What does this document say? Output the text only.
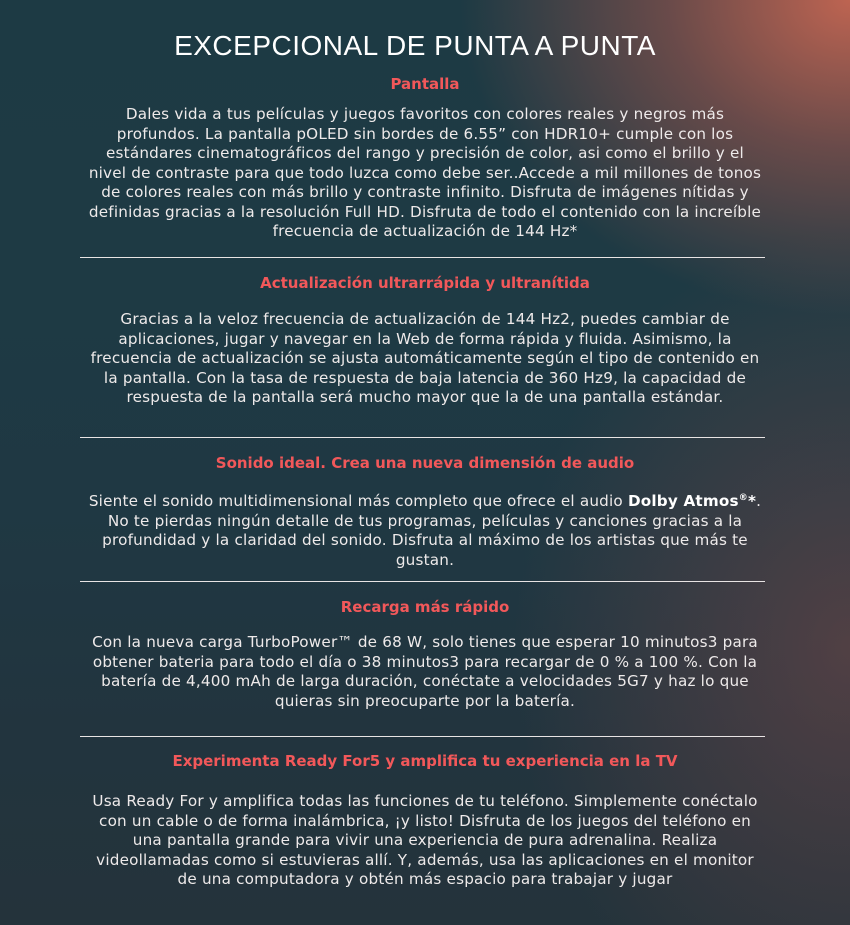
EXCEPCIONAL DE PUNTA A PUNTA
Pantalla

Dales vida a tus películas y juegos favoritos con colores reales y negros más profundos. La pantalla pOLED sin bordes de 6.55” con HDR10+ cumple con los estándares cinematográficos del rango y precisión de color, asi como el brillo y el nivel de contraste para que todo luzca como debe ser..Accede a mil millones de tonos de colores reales con más brillo y contraste infinito. Disfruta de imágenes nítidas y definidas gracias a la resolución Full HD. Disfruta de todo el contenido con la increíble frecuencia de actualización de 144 Hz*

Actualización ultrarrápida y ultranítida

Gracias a la veloz frecuencia de actualización de 144 Hz2, puedes cambiar de aplicaciones, jugar y navegar en la Web de forma rápida y fluida. Asimismo, la frecuencia de actualización se ajusta automáticamente según el tipo de contenido en la pantalla. Con la tasa de respuesta de baja latencia de 360 Hz9, la capacidad de respuesta de la pantalla será mucho mayor que la de una pantalla estándar.

Sonido ideal. Crea una nueva dimensión de audio

Siente el sonido multidimensional más completo que ofrece el audio Dolby Atmos®*. No te pierdas ningún detalle de tus programas, películas y canciones gracias a la profundidad y la claridad del sonido. Disfruta al máximo de los artistas que más te gustan.

Recarga más rápido

Con la nueva carga TurboPower™ de 68 W, solo tienes que esperar 10 minutos3 para obtener bateria para todo el día o 38 minutos3 para recargar de 0 % a 100 %. Con la batería de 4,400 mAh de larga duración, conéctate a velocidades 5G7 y haz lo que quieras sin preocuparte por la batería.

Experimenta Ready For5 y amplifica tu experiencia en la TV

Usa Ready For y amplifica todas las funciones de tu teléfono. Simplemente conéctalo con un cable o de forma inalámbrica, ¡y listo! Disfruta de los juegos del teléfono en una pantalla grande para vivir una experiencia de pura adrenalina. Realiza videollamadas como si estuvieras allí. Y, además, usa las aplicaciones en el monitor de una computadora y obtén más espacio para trabajar y jugar
